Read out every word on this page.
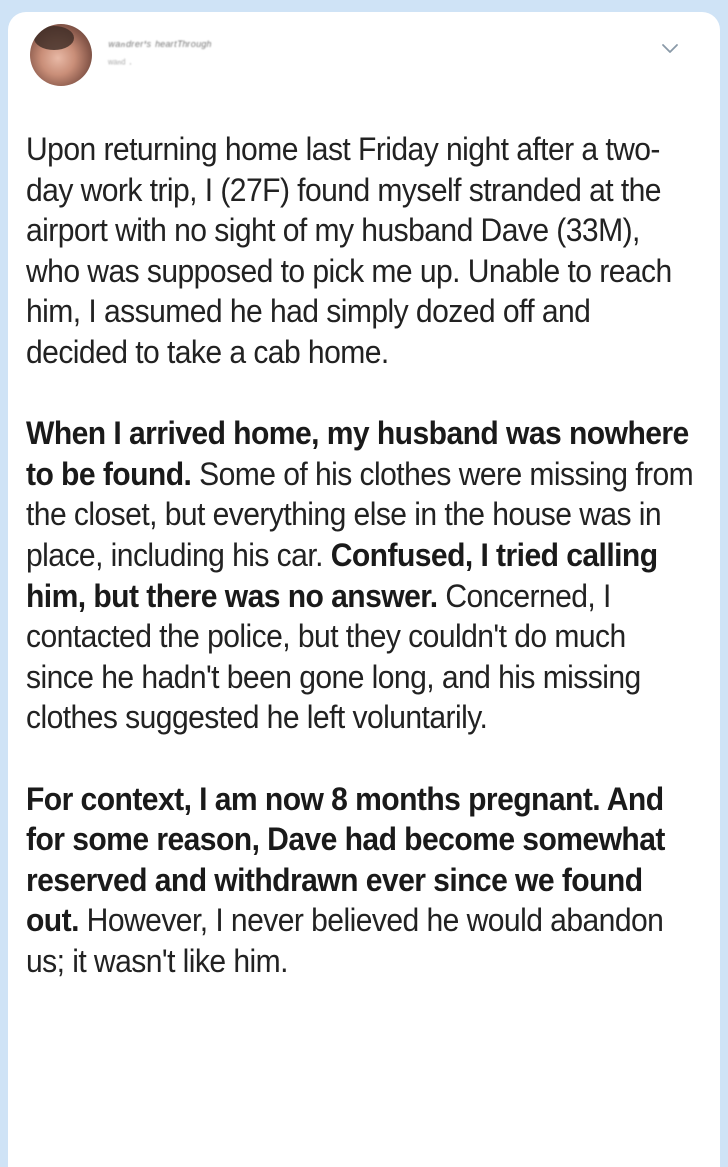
ʷᵃⁿᵈʳᵉʳ'ˢ ʰᵉᵃʳᵗᵀʰʳᵒᵘᵍʰ
ʷᵃⁿᵈ ·

Upon returning home last Friday night after a two-day work trip, I (27F) found myself stranded at the airport with no sight of my husband Dave (33M), who was supposed to pick me up. Unable to reach him, I assumed he had simply dozed off and decided to take a cab home.

When I arrived home, my husband was nowhere to be found. Some of his clothes were missing from the closet, but everything else in the house was in place, including his car. Confused, I tried calling him, but there was no answer. Concerned, I contacted the police, but they couldn't do much since he hadn't been gone long, and his missing clothes suggested he left voluntarily.

For context, I am now 8 months pregnant. And for some reason, Dave had become somewhat reserved and withdrawn ever since we found out. However, I never believed he would abandon us; it wasn't like him.
